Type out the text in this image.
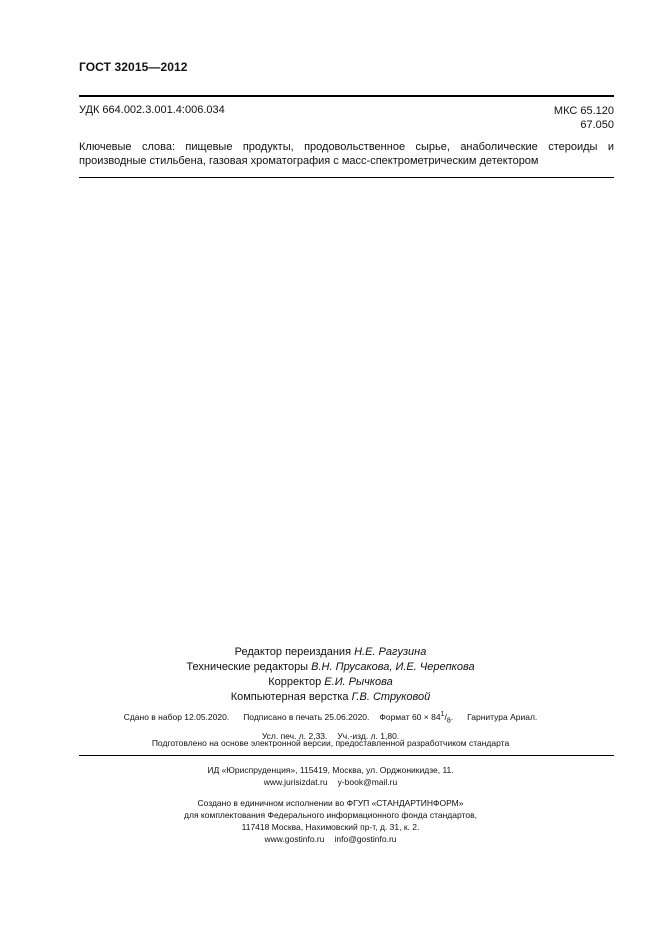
ГОСТ 32015—2012
УДК 664.002.3.001.4:006.034	МКС 65.120
67.050
Ключевые слова: пищевые продукты, продовольственное сырье, анаболические стероиды и производные стильбена, газовая хроматография с масс-спектрометрическим детектором
Редактор переиздания Н.Е. Рагузина
Технические редакторы В.Н. Прусакова, И.Е. Черепкова
Корректор Е.И. Рычкова
Компьютерная верстка Г.В. Струковой
Сдано в набор 12.05.2020. Подписано в печать 25.06.2020. Формат $60 \times 84^1/_8$. Гарнитура Ариал.
Усл. печ. л. 2,33. Уч.-изд. л. 1,80.
Подготовлено на основе электронной версии, предоставленной разработчиком стандарта
ИД «Юриспруденция», 115419, Москва, ул. Орджоникидзе, 11.
www.jurisizdat.ru y-book@mail.ru
Создано в единичном исполнении во ФГУП «СТАНДАРТИНФОРМ»
для комплектования Федерального информационного фонда стандартов,
117418 Москва, Нахимовский пр-т, д. 31, к. 2.
www.gostinfo.ru info@gostinfo.ru
